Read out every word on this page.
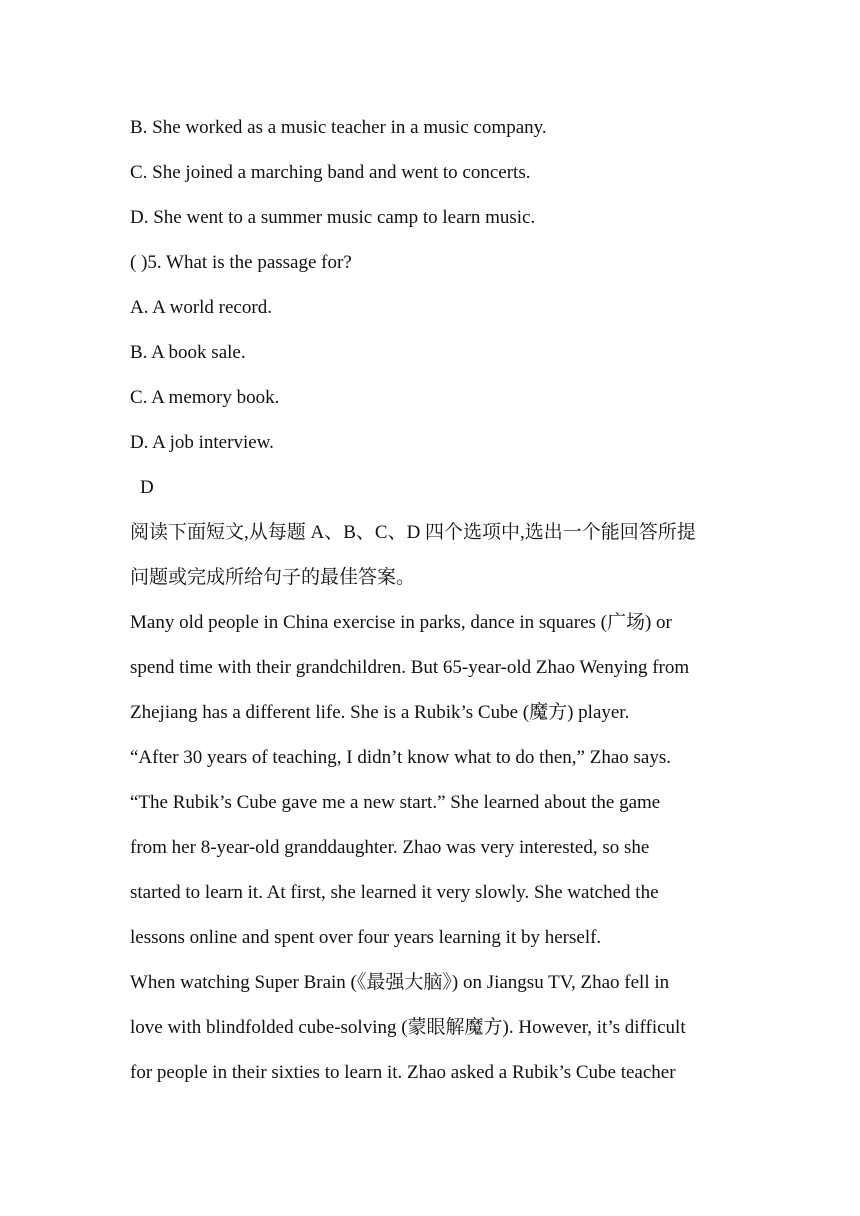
B. She worked as a music teacher in a music company.
C. She joined a marching band and went to concerts.
D. She went to a summer music camp to learn music.
( )5. What is the passage for?
A. A world record.
B. A book sale.
C. A memory book.
D. A job interview.
D
阅读下面短文,从每题 A、B、C、D 四个选项中,选出一个能回答所提
问题或完成所给句子的最佳答案。
Many old people in China exercise in parks, dance in squares (广场) or
spend time with their grandchildren. But 65-year-old Zhao Wenying from
Zhejiang has a different life. She is a Rubik’s Cube (魔方) player.
“After 30 years of teaching, I didn’t know what to do then,” Zhao says.
“The Rubik’s Cube gave me a new start.” She learned about the game
from her 8-year-old granddaughter. Zhao was very interested, so she
started to learn it. At first, she learned it very slowly. She watched the
lessons online and spent over four years learning it by herself.
When watching Super Brain (《最强大脑》) on Jiangsu TV, Zhao fell in
love with blindfolded cube-solving (蒙眼解魔方). However, it’s difficult
for people in their sixties to learn it. Zhao asked a Rubik’s Cube teacher
